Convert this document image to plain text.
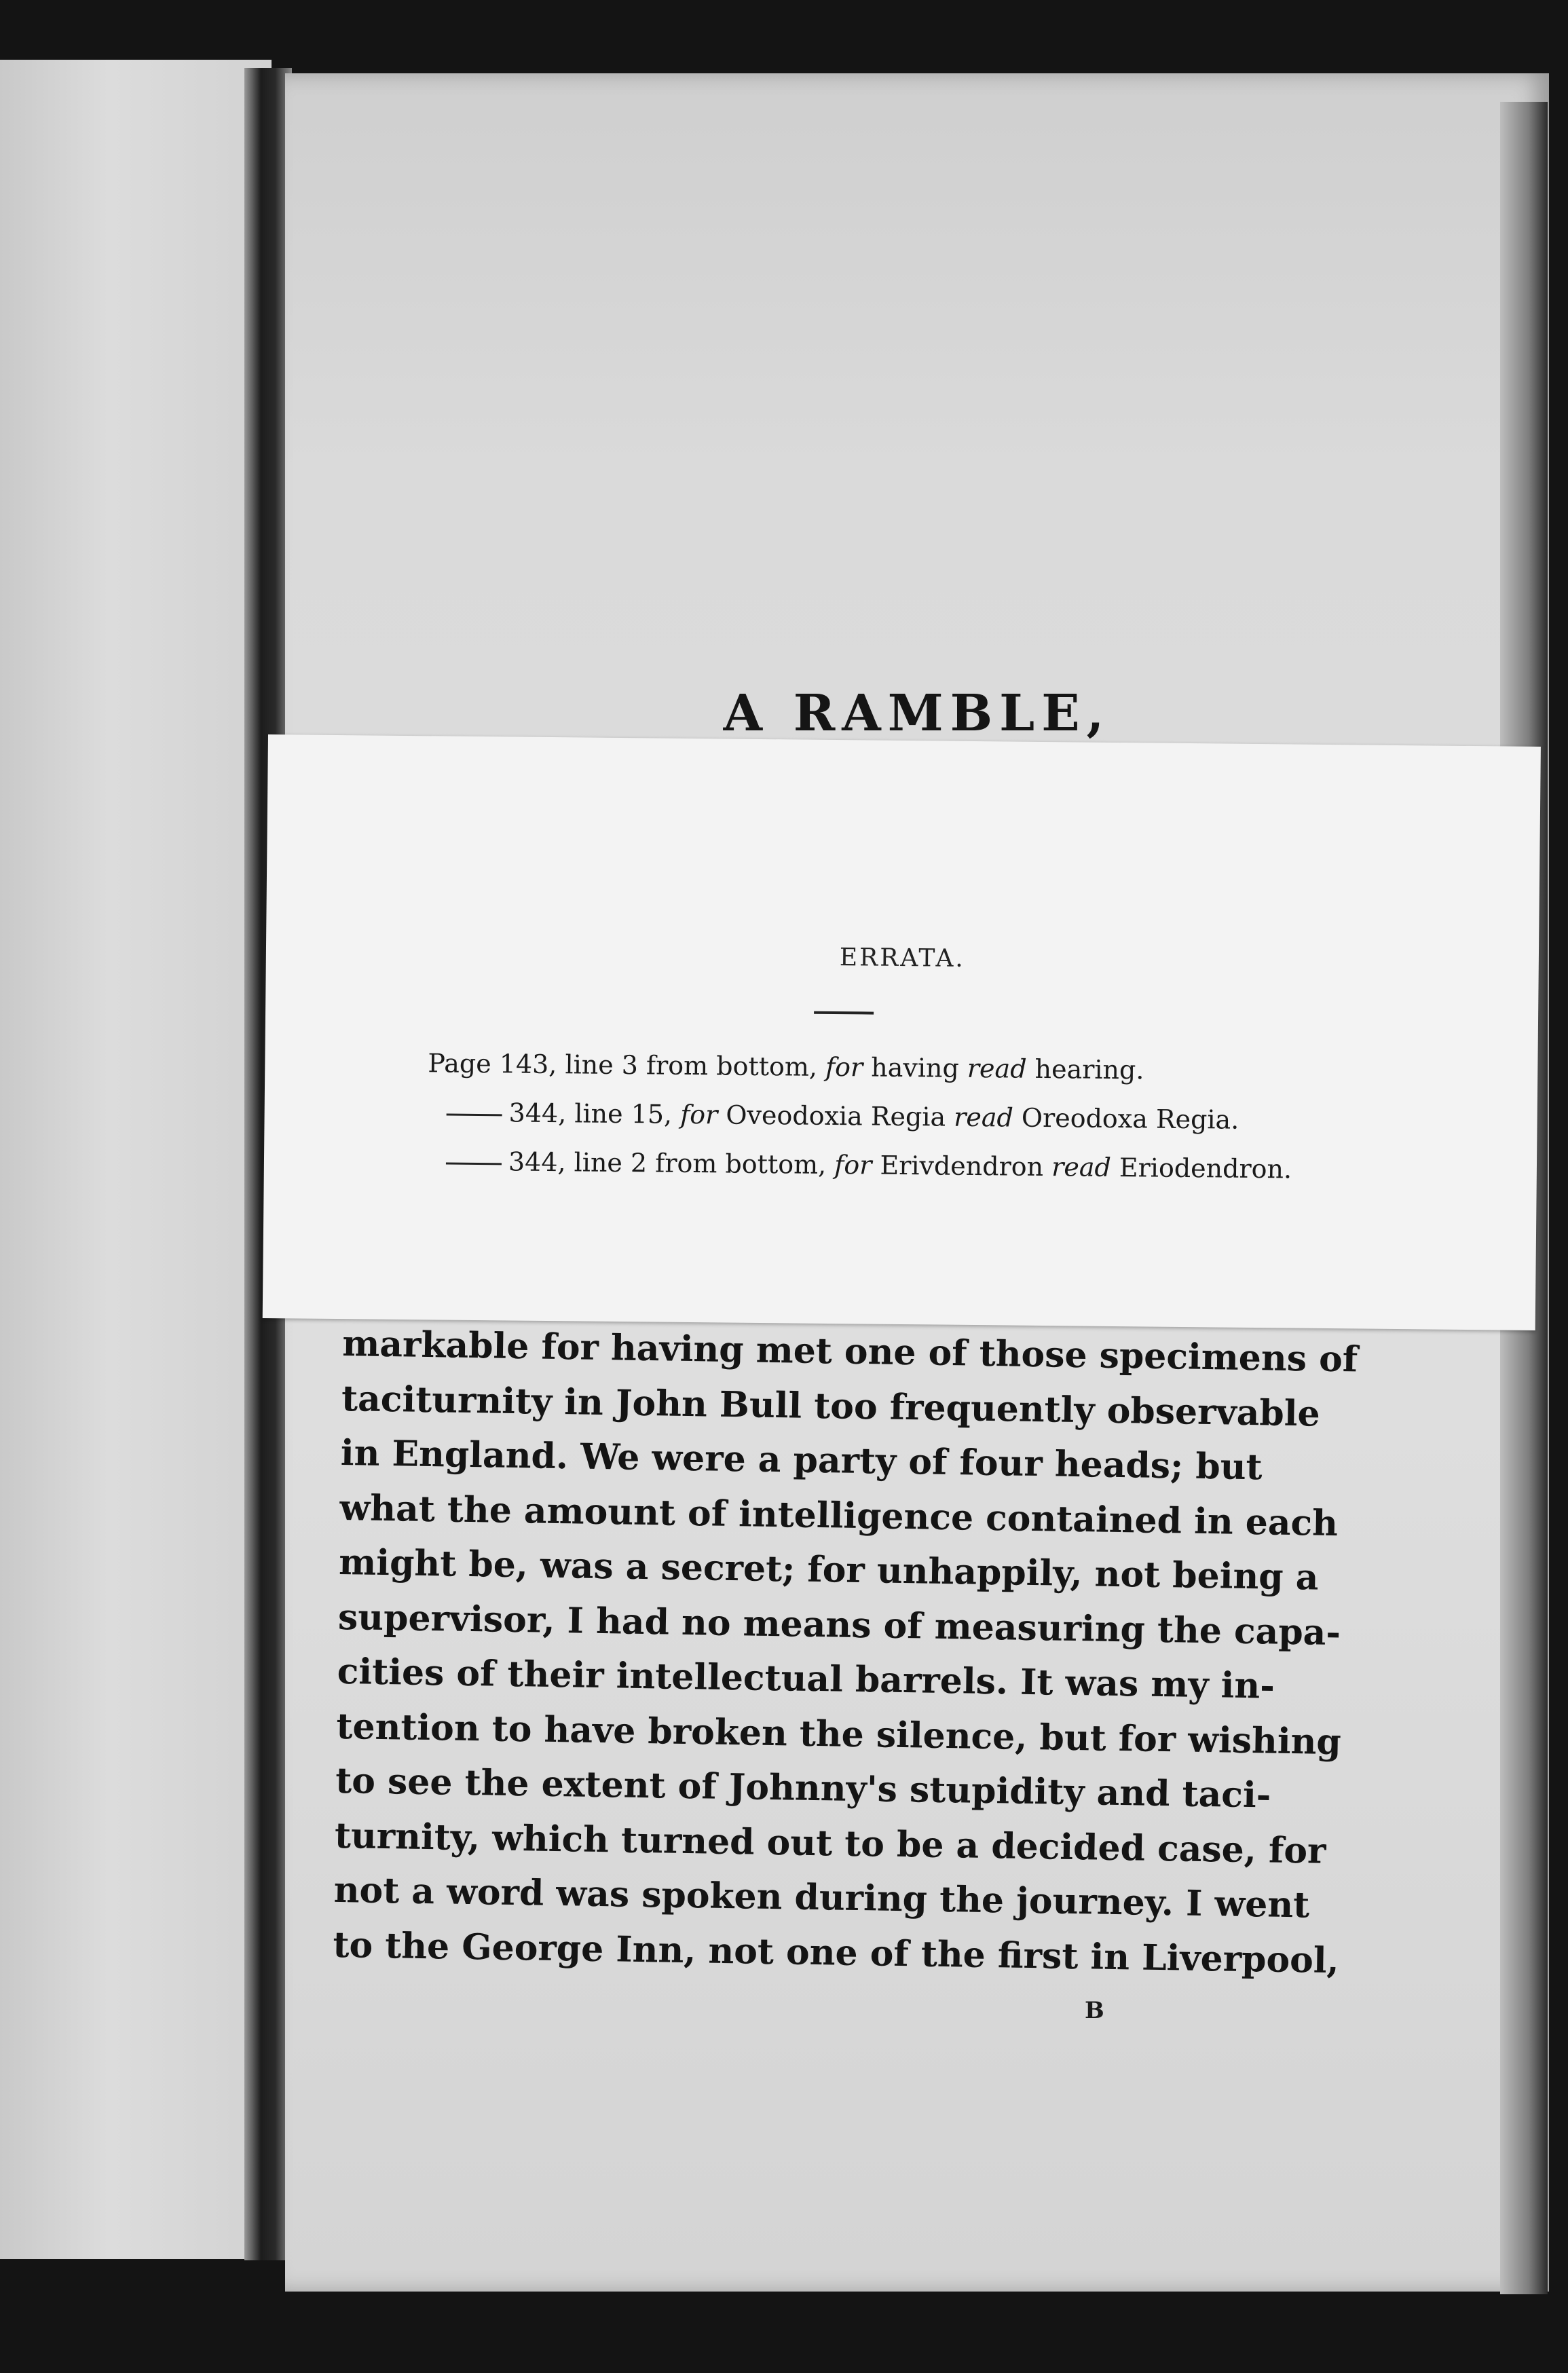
A RAMBLE,
ERRATA.
Page 143, line 3 from bottom, for having read hearing.
344, line 15, for Oveodoxia Regia read Oreodoxa Regia.
344, line 2 from bottom, for Erivdendron read Eriodendron.
markable for having met one of those specimens of
taciturnity in John Bull too frequently observable
in England. We were a party of four heads; but
what the amount of intelligence contained in each
might be, was a secret; for unhappily, not being a
supervisor, I had no means of measuring the capa-
cities of their intellectual barrels. It was my in-
tention to have broken the silence, but for wishing
to see the extent of Johnny's stupidity and taci-
turnity, which turned out to be a decided case, for
not a word was spoken during the journey. I went
to the George Inn, not one of the first in Liverpool,
B
